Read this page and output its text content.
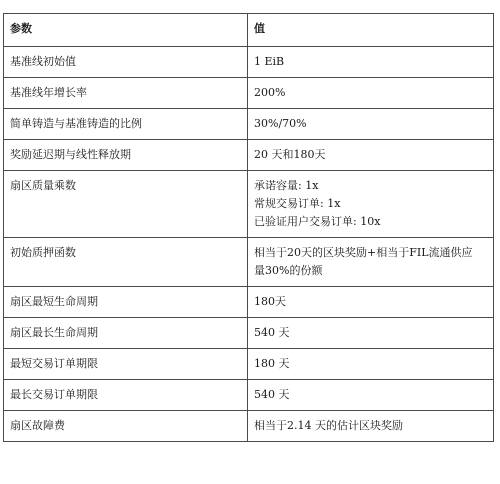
参数	值
基准线初始值	1 EiB

基准线年增长率	200%

简单铸造与基准铸造的比例	30%/70%

奖励延迟期与线性释放期	20 天和180天

扇区质量乘数	承诺容量: 1x
常规交易订单: 1x
已验证用户交易订单: 10x

初始质押函数	相当于20天的区块奖励+相当于FIL流通供应
量30%的份额

扇区最短生命周期	180天

扇区最长生命周期	540 天

最短交易订单期限	180 天

最长交易订单期限	540 天

扇区故障费	相当于2.14 天的估计区块奖励
